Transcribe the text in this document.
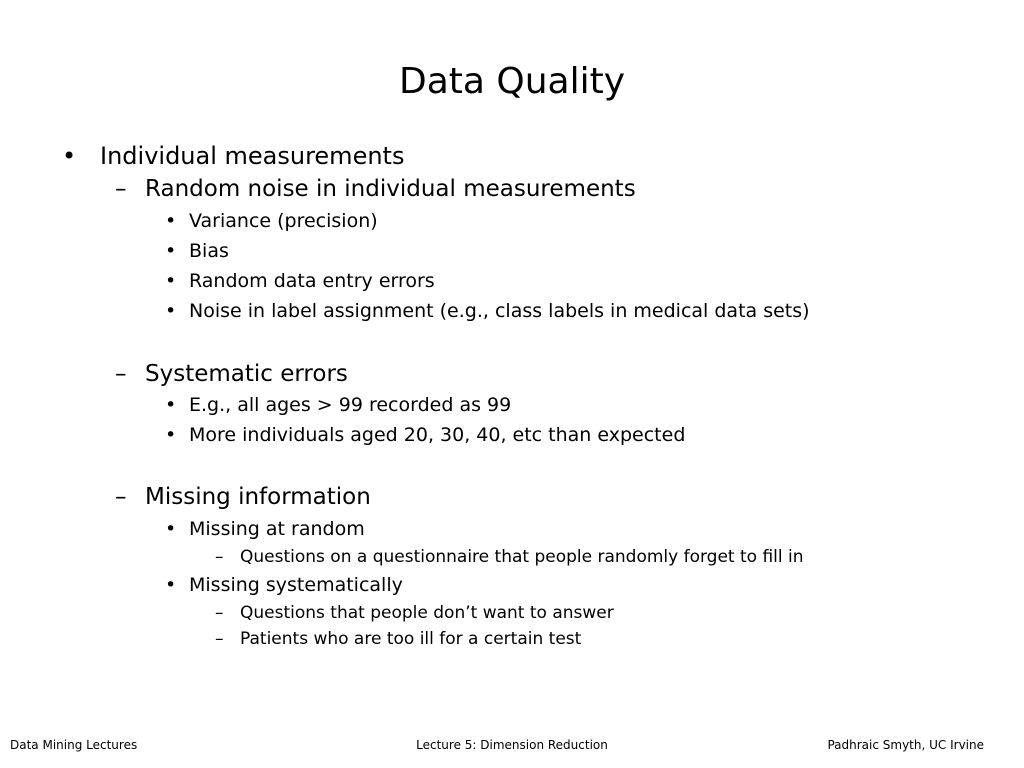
Data Quality
• Individual measurements
– Random noise in individual measurements
• Variance (precision)
• Bias
• Random data entry errors
• Noise in label assignment (e.g., class labels in medical data sets)
– Systematic errors
• E.g., all ages > 99 recorded as 99
• More individuals aged 20, 30, 40, etc than expected
– Missing information
• Missing at random
– Questions on a questionnaire that people randomly forget to fill in
• Missing systematically
– Questions that people don’t want to answer
– Patients who are too ill for a certain test
Data Mining Lectures	Lecture 5: Dimension Reduction	Padhraic Smyth, UC Irvine
